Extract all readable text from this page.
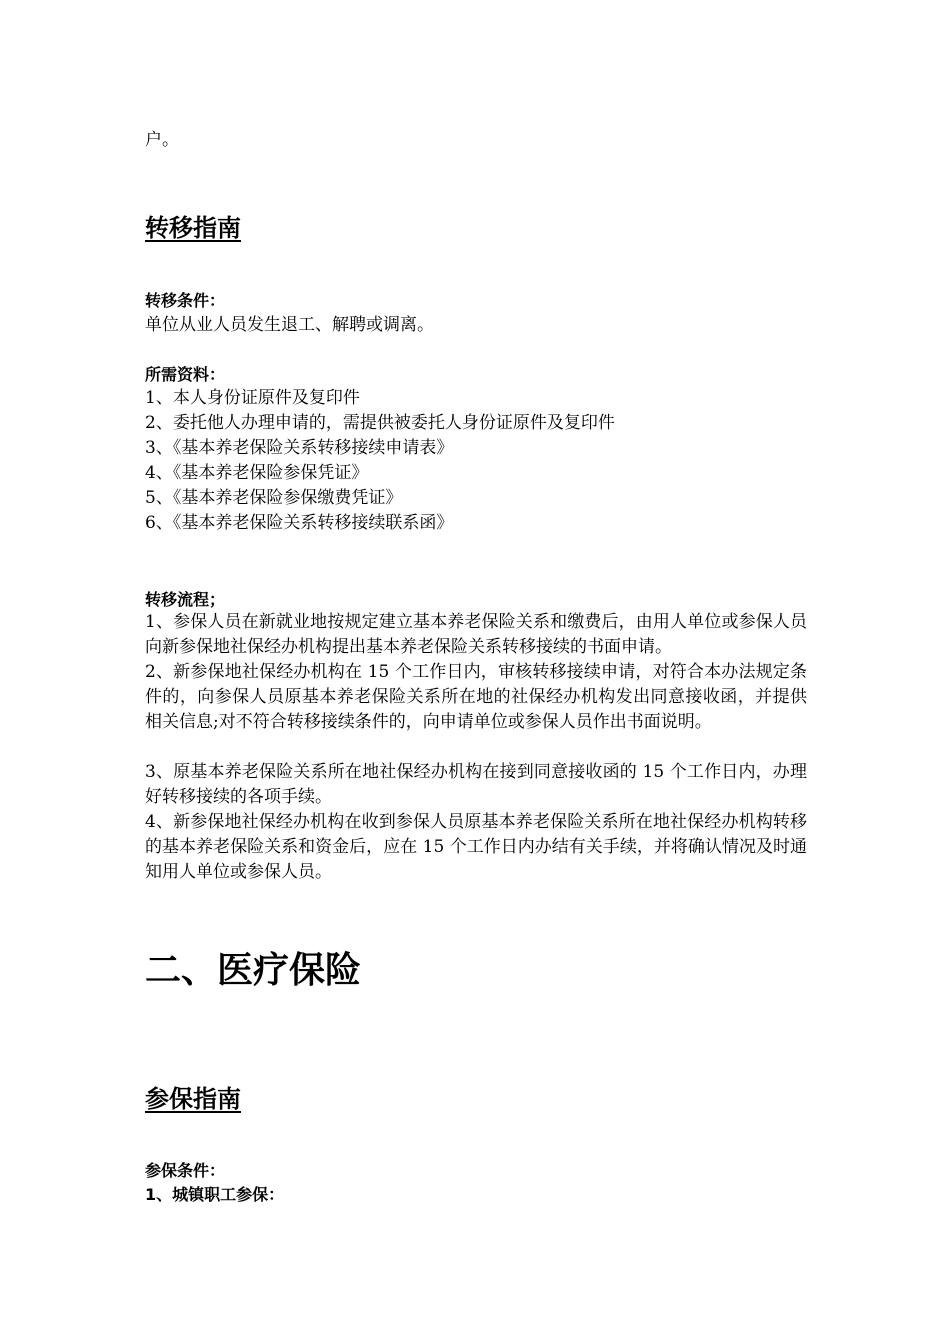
户。
转移指南
转移条件：
单位从业人员发生退工、解聘或调离。
所需资料：
1、本人身份证原件及复印件
2、委托他人办理申请的，需提供被委托人身份证原件及复印件
3、《基本养老保险关系转移接续申请表》
4、《基本养老保险参保凭证》
5、《基本养老保险参保缴费凭证》
6、《基本养老保险关系转移接续联系函》
转移流程；
1、参保人员在新就业地按规定建立基本养老保险关系和缴费后，由用人单位或参保人员向新参保地社保经办机构提出基本养老保险关系转移接续的书面申请。
2、新参保地社保经办机构在 15 个工作日内，审核转移接续申请，对符合本办法规定条件的，向参保人员原基本养老保险关系所在地的社保经办机构发出同意接收函，并提供相关信息;对不符合转移接续条件的，向申请单位或参保人员作出书面说明。
3、原基本养老保险关系所在地社保经办机构在接到同意接收函的 15 个工作日内，办理好转移接续的各项手续。
4、新参保地社保经办机构在收到参保人员原基本养老保险关系所在地社保经办机构转移的基本养老保险关系和资金后，应在 15 个工作日内办结有关手续，并将确认情况及时通知用人单位或参保人员。
二、医疗保险
参保指南
参保条件：
1、城镇职工参保：
